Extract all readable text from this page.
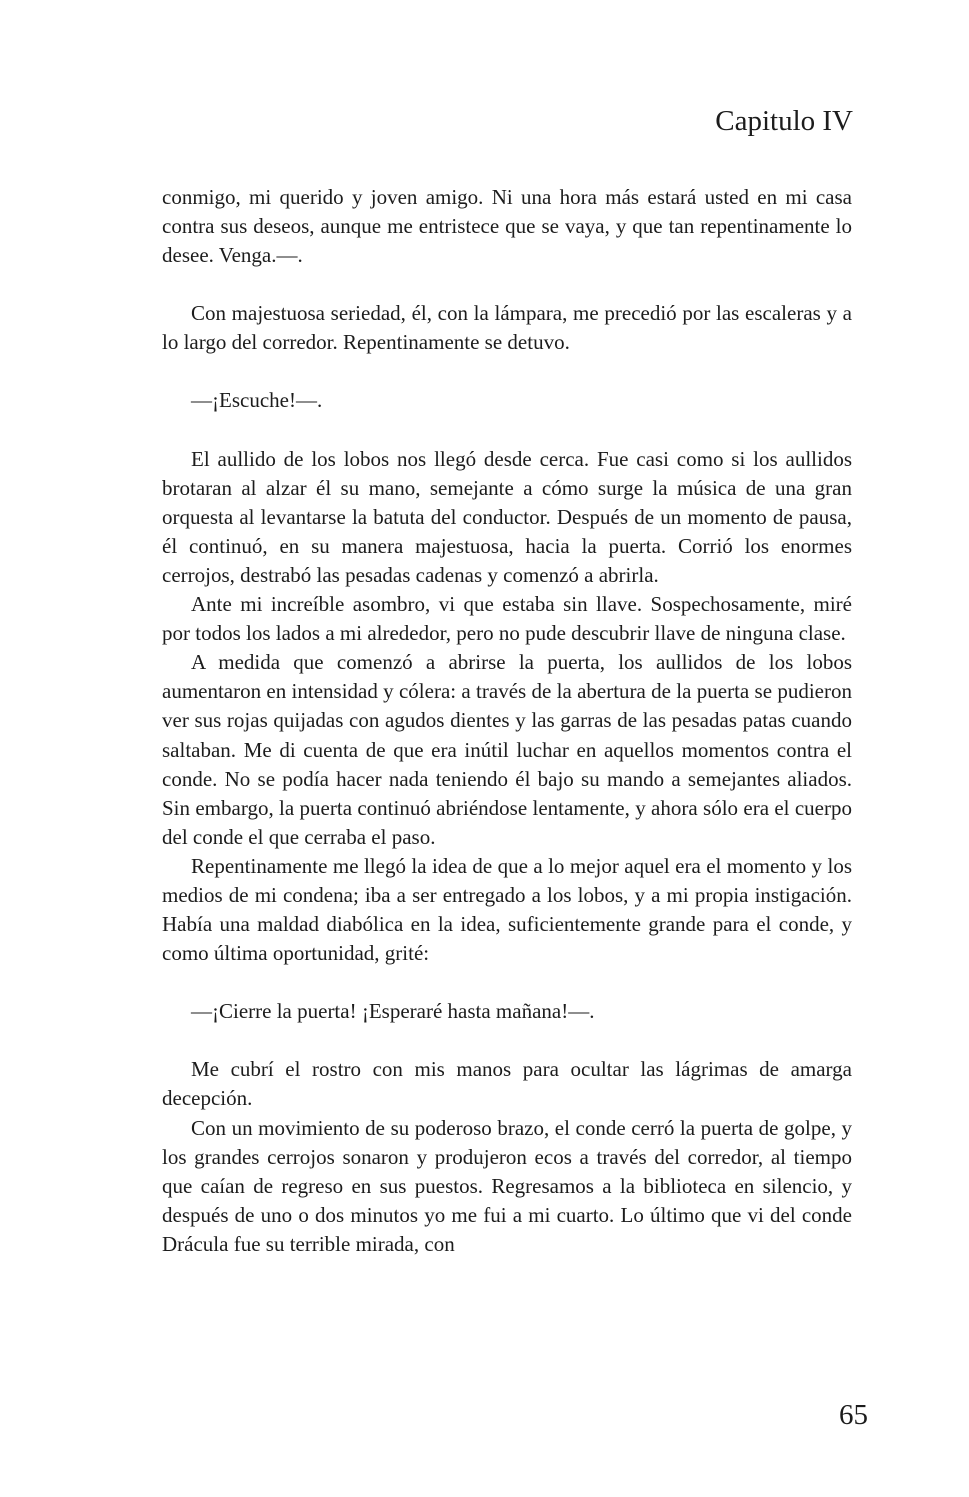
Capitulo IV
conmigo, mi querido y joven amigo. Ni una hora más estará usted en mi casa contra sus deseos, aunque me entristece que se vaya, y que tan repentinamente lo desee. Venga.—.
Con majestuosa seriedad, él, con la lámpara, me precedió por las escaleras y a lo largo del corredor. Repentinamente se detuvo.
—¡Escuche!—.
El aullido de los lobos nos llegó desde cerca. Fue casi como si los aullidos brotaran al alzar él su mano, semejante a cómo surge la música de una gran orquesta al levantarse la batuta del conductor. Después de un momento de pausa, él continuó, en su manera majestuosa, hacia la puerta. Corrió los enormes cerrojos, destrabó las pesadas cadenas y comenzó a abrirla.
Ante mi increíble asombro, vi que estaba sin llave. Sospechosamente, miré por todos los lados a mi alrededor, pero no pude descubrir llave de ninguna clase.
A medida que comenzó a abrirse la puerta, los aullidos de los lobos aumentaron en intensidad y cólera: a través de la abertura de la puerta se pudieron ver sus rojas quijadas con agudos dientes y las garras de las pesadas patas cuando saltaban. Me di cuenta de que era inútil luchar en aquellos momentos contra el conde. No se podía hacer nada teniendo él bajo su mando a semejantes aliados. Sin embargo, la puerta continuó abriéndose lentamente, y ahora sólo era el cuerpo del conde el que cerraba el paso.
Repentinamente me llegó la idea de que a lo mejor aquel era el momento y los medios de mi condena; iba a ser entregado a los lobos, y a mi propia instigación. Había una maldad diabólica en la idea, suficientemente grande para el conde, y como última oportunidad, grité:
—¡Cierre la puerta! ¡Esperaré hasta mañana!—.
Me cubrí el rostro con mis manos para ocultar las lágrimas de amarga decepción.
Con un movimiento de su poderoso brazo, el conde cerró la puerta de golpe, y los grandes cerrojos sonaron y produjeron ecos a través del corredor, al tiempo que caían de regreso en sus puestos. Regresamos a la biblioteca en silencio, y después de uno o dos minutos yo me fui a mi cuarto. Lo último que vi del conde Drácula fue su terrible mirada, con
65
